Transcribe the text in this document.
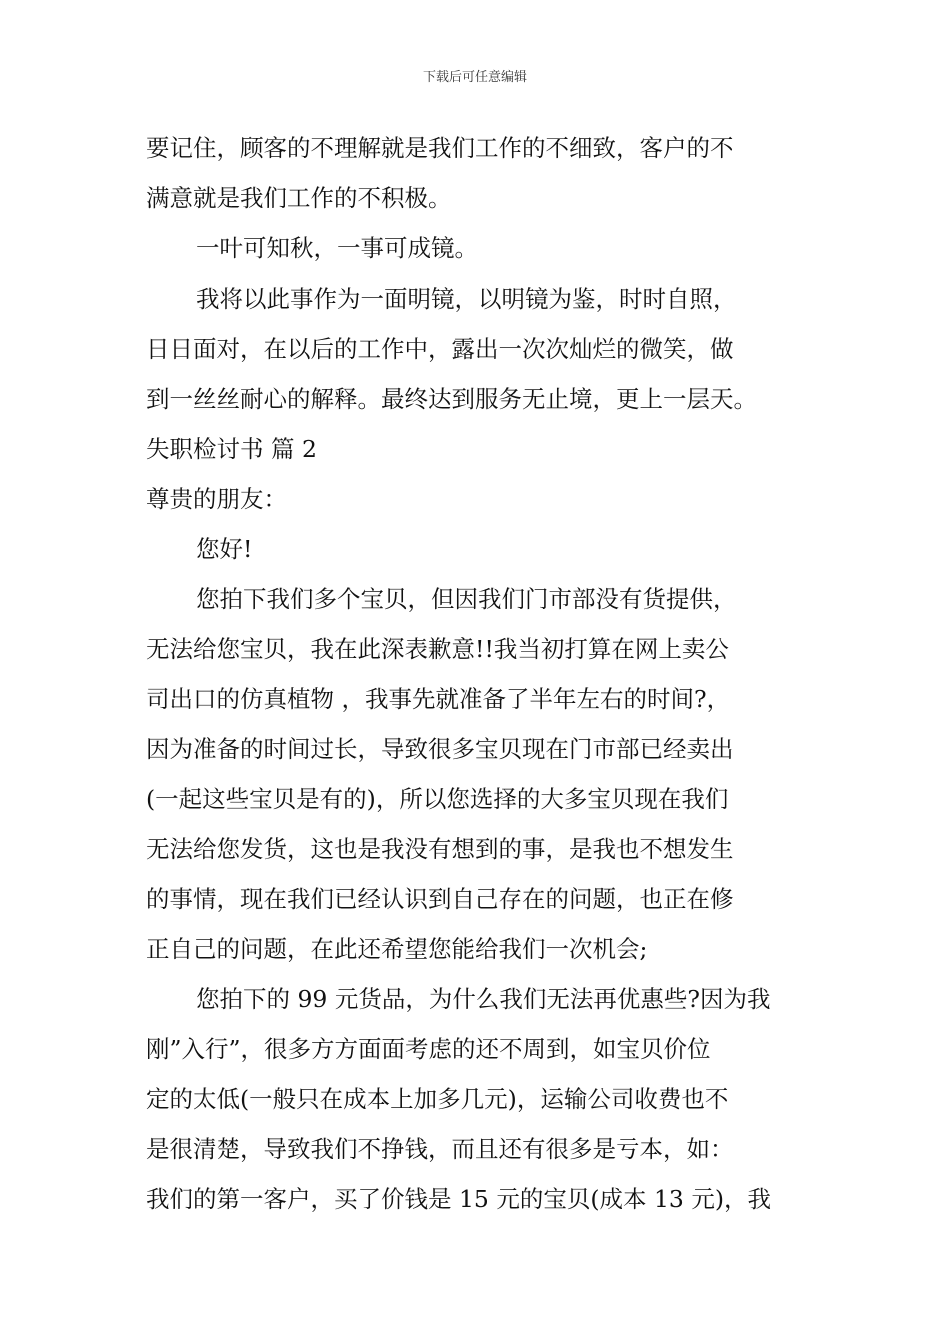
下载后可任意编辑
要记住，顾客的不理解就是我们工作的不细致，客户的不
满意就是我们工作的不积极。
一叶可知秋，一事可成镜。
我将以此事作为一面明镜，以明镜为鉴，时时自照，
日日面对，在以后的工作中，露出一次次灿烂的微笑，做
到一丝丝耐心的解释。最终达到服务无止境，更上一层天。
失职检讨书 篇 2
尊贵的朋友：
您好!
您拍下我们多个宝贝，但因我们门市部没有货提供，
无法给您宝贝，我在此深表歉意!!我当初打算在网上卖公
司出口的仿真植物 ，我事先就准备了半年左右的时间?，
因为准备的时间过长，导致很多宝贝现在门市部已经卖出
(一起这些宝贝是有的)，所以您选择的大多宝贝现在我们
无法给您发货，这也是我没有想到的事，是我也不想发生
的事情，现在我们已经认识到自己存在的问题，也正在修
正自己的问题，在此还希望您能给我们一次机会;
您拍下的 99 元货品，为什么我们无法再优惠些?因为我
刚”入行”，很多方方面面考虑的还不周到，如宝贝价位
定的太低(一般只在成本上加多几元)，运输公司收费也不
是很清楚，导致我们不挣钱，而且还有很多是亏本，如：
我们的第一客户，买了价钱是 15 元的宝贝(成本 13 元)，我
